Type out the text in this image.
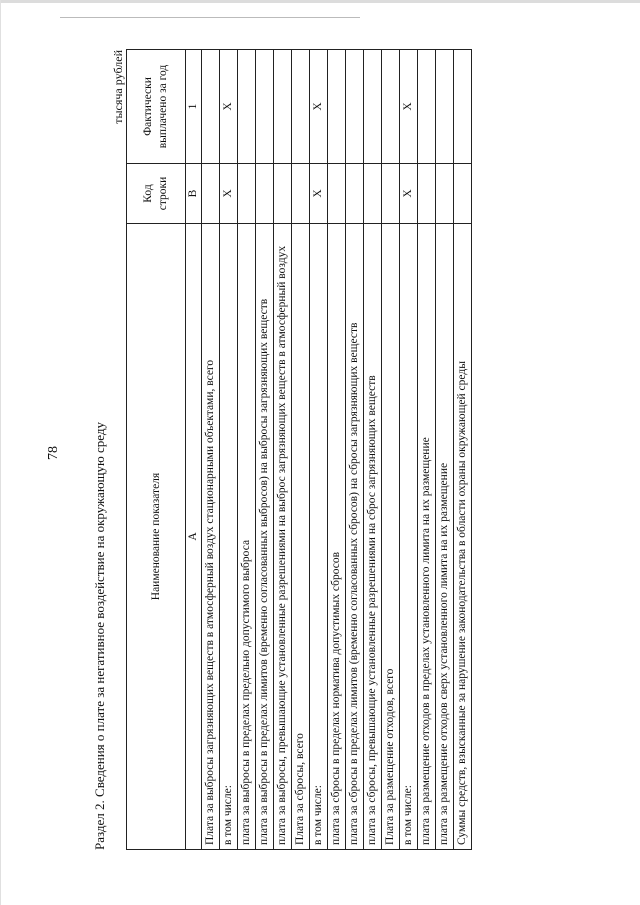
78 Раздел 2. Сведения о плате за негативное воздействие на окружающую среду
тысяча рублей
Наименование показателя	Код строки	Фактически выплачено за год
А	В	1
Плата за выбросы загрязняющих веществ в атмосферный воздух стационарными объектами, всего		
в том числе:	Х	Х
плата за выбросы в пределах предельно допустимого выброса		
плата за выбросы в пределах лимитов (временно согласованных выбросов) на выбросы загрязняющих веществ		
плата за выбросы, превышающие установленные разрешениями на выброс загрязняющих веществ в атмосферный воздух		
Плата за сбросы, всего		
в том числе:	Х	Х
плата за сбросы в пределах норматива допустимых сбросов		
плата за сбросы в пределах лимитов (временно согласованных сбросов) на сбросы загрязняющих веществ		
плата за сбросы, превышающие установленные разрешениями на сброс загрязняющих веществ		
Плата за размещение отходов, всего		
в том числе:	Х	Х
плата за размещение отходов в пределах установленного лимита на их размещение		
плата за размещение отходов сверх установленного лимита на их размещение		
Суммы средств, взысканные за нарушение законодательства в области охраны окружающей среды		
